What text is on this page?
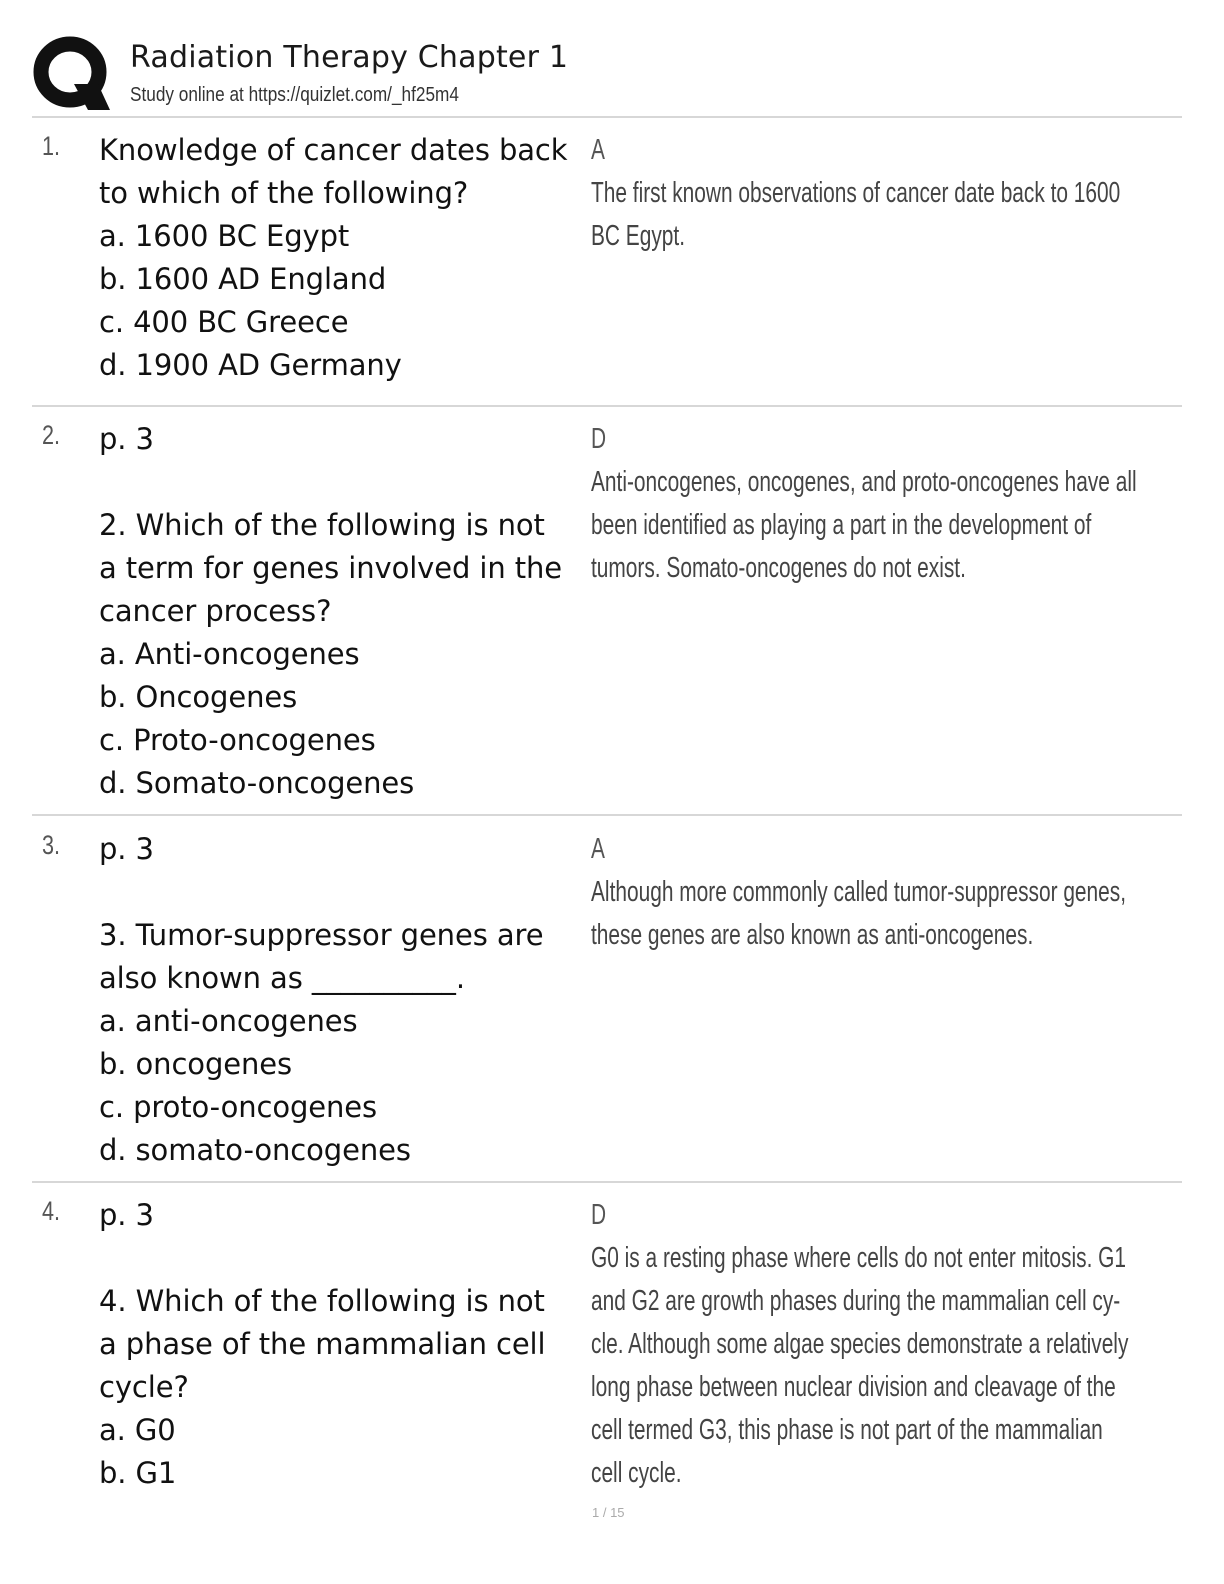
Radiation Therapy Chapter 1
Study online at https://quizlet.com/_hf25m4
1. Knowledge of cancer dates back
to which of the following?
a. 1600 BC Egypt
b. 1600 AD England
c. 400 BC Greece
d. 1900 AD Germany
A
The first known observations of cancer date back to 1600
BC Egypt.
2. p. 3

2. Which of the following is not
a term for genes involved in the
cancer process?
a. Anti-oncogenes
b. Oncogenes
c. Proto-oncogenes
d. Somato-oncogenes
D
Anti-oncogenes, oncogenes, and proto-oncogenes have all
been identified as playing a part in the development of
tumors. Somato-oncogenes do not exist.
3. p. 3

3. Tumor-suppressor genes are
also known as __________.
a. anti-oncogenes
b. oncogenes
c. proto-oncogenes
d. somato-oncogenes
A
Although more commonly called tumor-suppressor genes,
these genes are also known as anti-oncogenes.
4. p. 3

4. Which of the following is not
a phase of the mammalian cell
cycle?
a. G0
b. G1
D
G0 is a resting phase where cells do not enter mitosis. G1
and G2 are growth phases during the mammalian cell cy-
cle. Although some algae species demonstrate a relatively
long phase between nuclear division and cleavage of the
cell termed G3, this phase is not part of the mammalian
cell cycle.
1 / 15
